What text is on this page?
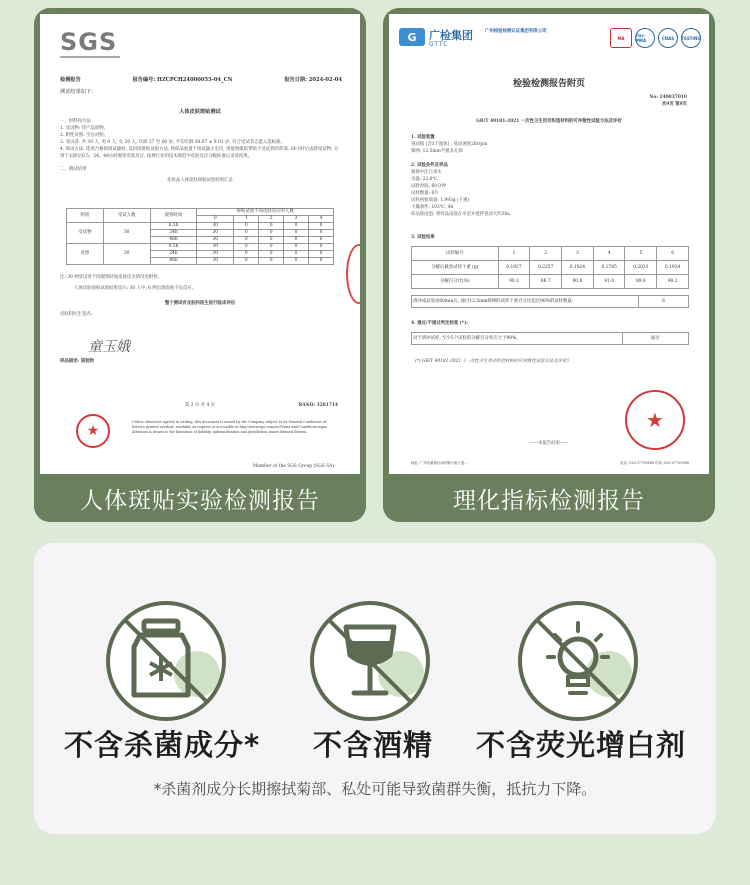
SGS
检测报告	报告编号: HZCPCH24000055-04_CN	报告日期: 2024-02-04
测试结果如下:
人体皮肤斑贴测试
一、材料和方法
1. 受试物: 待产品原物。
2. 阴性对照: 空白对照。
3. 受试者: 共 30 人, 男 0 人, 女 30 人, 年龄 27 至 60 岁, 平均年龄 39.67 ± 9.01 岁, 符合受试者志愿入选标准。
4. 斑试方法: 选用合格的斑试器材, 以封闭斑贴试验方法, 将样品放置于斑试器小室内, 用低致敏胶带贴于受试者的背部, 24小时后去除受试物, 分别于去除后0.5、24、48小时观察皮肤反应, 按规行业的技术规范中皮肤反应分级标准记录其结果。
二、测试结果
化妆品人体皮肤斑贴试验结果汇总
组别	受试人数	观察时间	斑贴试验不同皮肤反应的人数				
			0	1	2	3	4
受试物	30	0.5h	30	0	0	0	0
		24h	30	0	0	0	0
		48h	30	0	0	0	0
对照	30	0.5h	30	0	0	0	0
		24h	30	0	0	0	0
		48h	30	0	0	0	0
注: 30 例受试者不同观察时间皮肤反应情况见附件。
人体皮肤斑贴试验结果显示: 30 人中, 0 例出现皮肤不良反应。
整个测试有皮肤科医生进行临床评估
皮肤科医生签名:
童玉娥
样品描述: 袋装物
第 2 页 共 4 页	RAND: 3281714
★
Unless otherwise agreed in writing, this document is issued by the Company subject to its General Conditions of Service printed overleaf, available on request or accessible at http://www.sgs.com/en/Terms-and-Conditions.aspx. Attention is drawn to the limitation of liability, indemnification and jurisdiction issues defined therein.
Member of the SGS Group (SGS SA)
人体斑贴实验检测报告
G	广检集团
GTTC
广州检验检测认证集团有限公司
MA	ilac-MRA	CNAS	TESTING
检验检测报告附页
No: 240037010
共9页 第9页
GB/T 40181-2021 一次性卫生用非织造材料的可冲散性试验方法及评价
1. 试验装置
晃动箱 (含3个箱体) , 晃动速度26r/pm
筛网: 12.5mm平板多孔筛
2. 试验条件及样品
箱体中注自来水
水温: 22.6℃
试验时间: 60分钟
试样数量: 6片
试样初始质量: 1.993g (干重)
干燥条件: 103℃, 4h
样品预浸泡: 将样品浸没在水里并搅拌晃动大约30s。
3. 试验结果
试样编号	1	2	3	4	5	6
分解后截余试样干重 (g)	0.1927	0.2257	0.1824	0.1785	0.2031	0.1934
分解百分比(%)	90.3	88.7	90.8	91.0	89.8	90.2
溶冲成品晃动60min后, 通过12.5mm筛网的试样干重百分比超过90%的试样数量:	6
4. 通过/不通过判定标准 (*):
对于溶冲试样, 至少5个试样的分解百分率应大于90%。	通过
(*) GB/T 40181-2021《一次性卫生用非织造材料的可冲散性试验方法及评价》
★
——本报告结束——
地址: 广州市番禺区南村镇兴南大道...	电话: 020-37759888 传真: 020-37759988
理化指标检测报告
不含杀菌成分* 不含酒精 不含荧光增白剂
*杀菌剂成分长期擦拭菊部、私处可能导致菌群失衡，抵抗力下降。
